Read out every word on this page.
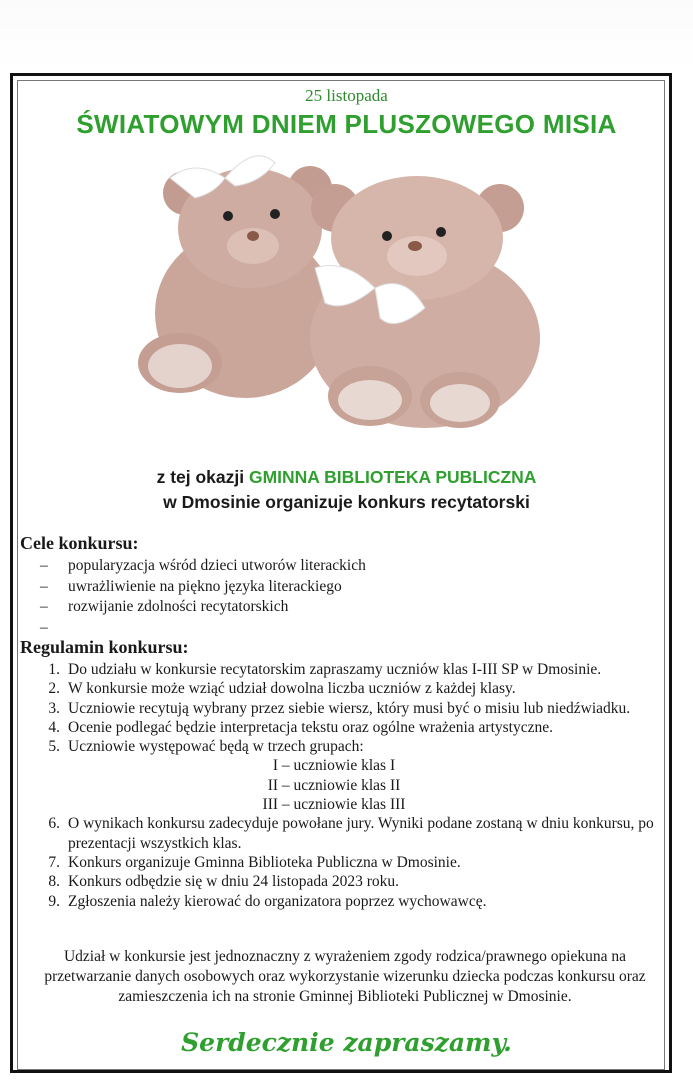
25 listopada
ŚWIATOWYM DNIEM PLUSZOWEGO MISIA
z tej okazji GMINNA BIBLIOTEKA PUBLICZNA
w Dmosinie organizuje konkurs recytatorski
Cele konkursu:
– popularyzacja wśród dzieci utworów literackich
– uwrażliwienie na piękno języka literackiego
– rozwijanie zdolności recytatorskich
–
Regulamin konkursu:
1. Do udziału w konkursie recytatorskim zapraszamy uczniów klas I-III SP w Dmosinie.
2. W konkursie może wziąć udział dowolna liczba uczniów z każdej klasy.
3. Uczniowie recytują wybrany przez siebie wiersz, który musi być o misiu lub niedźwiadku.
4. Ocenie podlegać będzie interpretacja tekstu oraz ogólne wrażenia artystyczne.
5. Uczniowie występować będą w trzech grupach:
I – uczniowie klas I
II – uczniowie klas II
III – uczniowie klas III
6. O wynikach konkursu zadecyduje powołane jury. Wyniki podane zostaną w dniu konkursu, po prezentacji wszystkich klas.
7. Konkurs organizuje Gminna Biblioteka Publiczna w Dmosinie.
8. Konkurs odbędzie się w dniu 24 listopada 2023 roku.
9. Zgłoszenia należy kierować do organizatora poprzez wychowawcę.
Udział w konkursie jest jednoznaczny z wyrażeniem zgody rodzica/prawnego opiekuna na przetwarzanie danych osobowych oraz wykorzystanie wizerunku dziecka podczas konkursu oraz zamieszczenia ich na stronie Gminnej Biblioteki Publicznej w Dmosinie.
Serdecznie zapraszamy.
